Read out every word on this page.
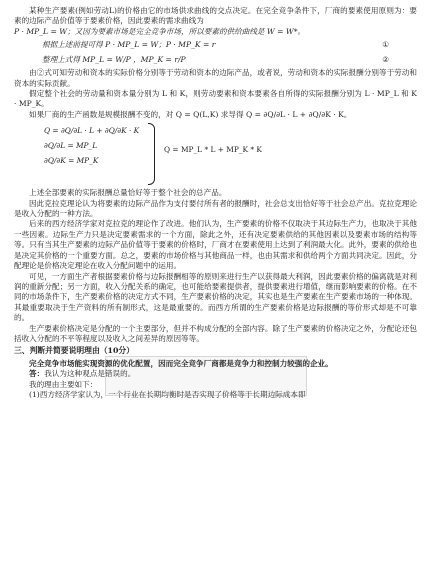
某种生产要素(例如劳动L)的价格由它的市场供求曲线的交点决定。在完全竞争条件下，厂商的要素使用原则为：要素的边际产品价值等于要素价格，因此要素的需求曲线为

P · MP_L = W；又因为要素市场是完全竞争市场，所以要素的供给曲线是 W = W*。

根据上述前提可得 P · MP_L = W；P · MP_K = r	①
整理上式得 MP_L = W/P ，MP_K = r/P	②

由②式可知劳动和资本的实际价格分别等于劳动和资本的边际产品，或者说，劳动和资本的实际报酬分别等于劳动和资本的实际贡献。

假定整个社会的劳动量和资本量分别为 L 和 K，则劳动要素和资本要素各自所得的实际报酬分别为 L · MP_L 和 K · MP_K。

如果厂商的生产函数是规模报酬不变的，对 Q = Q(L,K) 求导得 Q = ∂Q/∂L · L + ∂Q/∂K · K。

Q = ∂Q/∂L · L + ∂Q/∂K · K
∂Q/∂L = MP_L
∂Q/∂K = MP_K
Q = MP_L * L + MP_K * K

上述全部要素的实际报酬总量恰好等于整个社会的总产品。

因此克拉克理论认为将要素的边际产品作为支付要付所有者的报酬时，社会总支出恰好等于社会总产出。克拉克理论是收入分配的一种方法。

后来的西方经济学家对克拉克的理论作了改进。他们认为，生产要素的价格不仅取决于其边际生产力，也取决于其他一些因素。边际生产力只是决定要素需求的一个方面，除此之外，还有决定要素供给的其他因素以及要素市场的结构等等。只有当其生产要素的边际产品价值等于要素的价格时，厂商才在要素使用上达到了利润最大化。此外，要素的供给也是决定其价格的一个重要方面。总之，要素的市场价格与其他商品一样，也由其需求和供给两个方面共同决定。因此，分配理论是价格决定理论在收入分配问题中的运用。

可见，一方面生产者根据要素价格与边际报酬相等的原则来进行生产以获得最大利润，因此要素价格的偏离就是对利润的重新分配；另一方面，收入分配关系的确定，也可能给要素提供者，提供要素进行增值，继而影响要素的价格。在不同的市场条件下，生产要素价格的决定方式不同，生产要素价格的决定，其实也是生产要素在生产要素市场的一种体现。其最重要取决于生产资料的所有制形式，这是最重要的。而西方所谓的生产要素价格是边际报酬的等价形式却是不可靠的。

生产要素价格决定是分配的一个主要部分，但并不构成分配的全部内容。除了生产要素的价格决定之外，分配论还包括收入分配的不平等程度以及收入之间差异的原因等等。

三、判断并简要说明理由（10分）

完全竞争市场能实现资源的优化配置，因而完全竞争厂商都是竞争力和控制力较强的企业。

答：我认为这种观点是错误的。

我的理由主要如下：

(1)西方经济学家认为，一个行业在长期均衡时是否实现了价格等于长期边际成本即
